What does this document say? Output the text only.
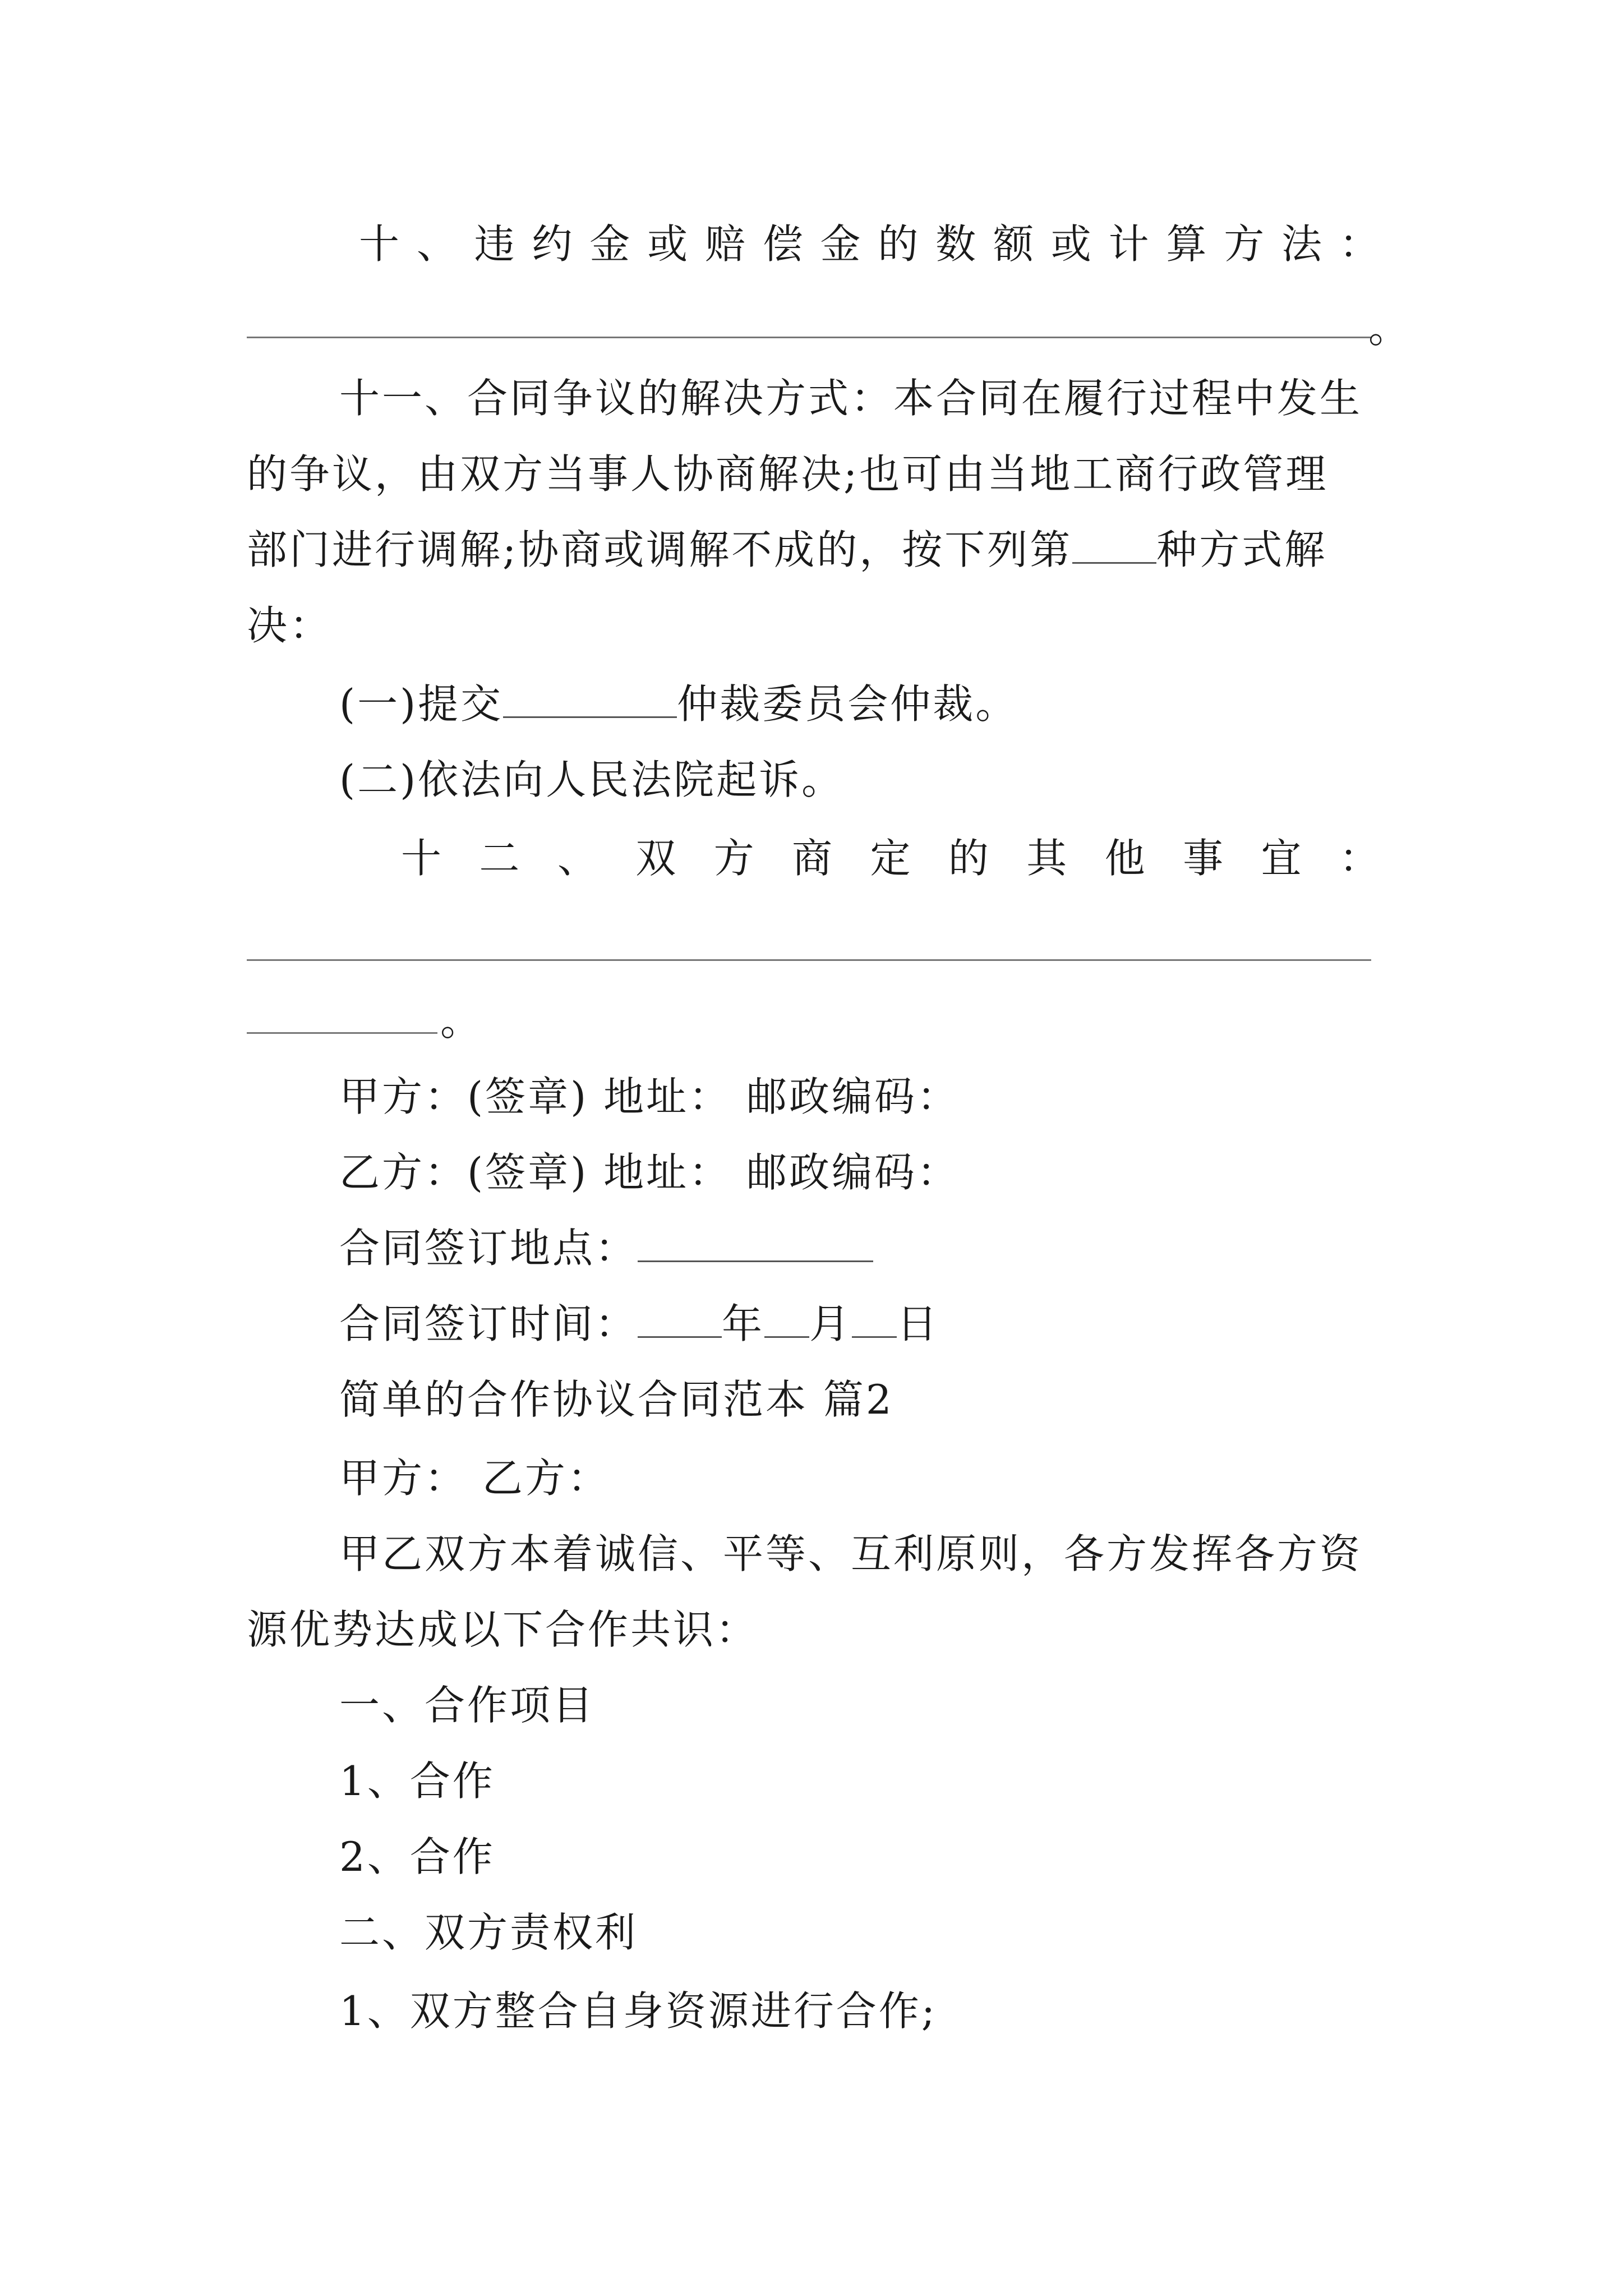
十 、 违 约 金 或 赔 偿 金 的 数 额 或 计 算 方 法 ：
。
十一、合同争议的解决方式：本合同在履行过程中发生
的争议，由双方当事人协商解决;也可由当地工商行政管理
部门进行调解;协商或调解不成的，按下列第 种方式解
决：
(一)提交	仲裁委员会仲裁。
(二)依法向人民法院起诉。
十 二 、 双 方 商 定 的 其 他 事 宜 ：
。
甲方：(签章) 地址： 邮政编码：
乙方：(签章) 地址： 邮政编码：
合同签订地点：
合同签订时间： 年 月 日
简单的合作协议合同范本 篇2
甲方： 乙方：
甲乙双方本着诚信、平等、互利原则，各方发挥各方资
源优势达成以下合作共识：
一、合作项目
1、合作
2、合作
二、双方责权利
1、双方整合自身资源进行合作;
